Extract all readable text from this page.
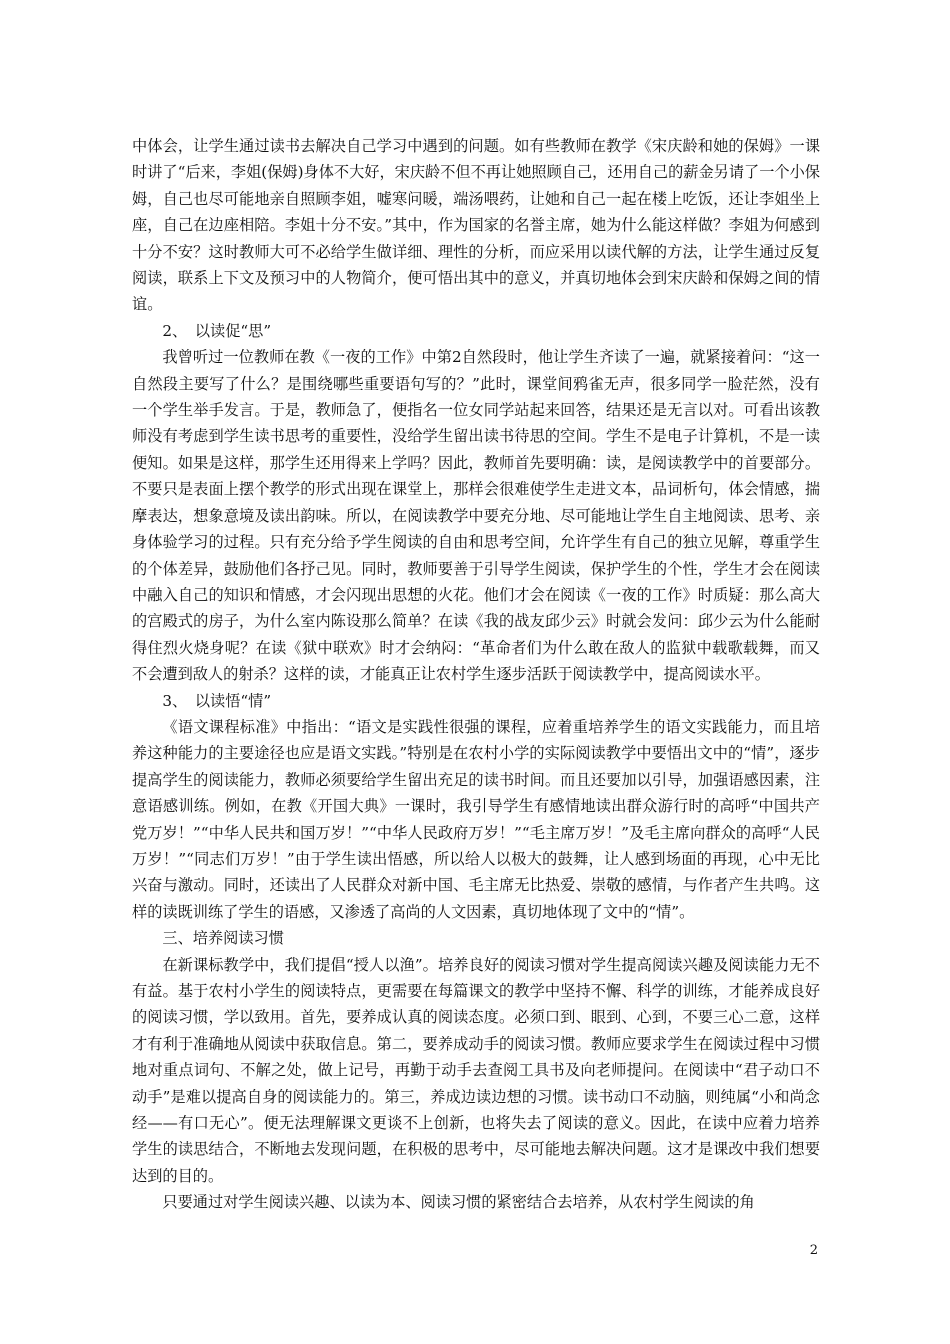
中体会，让学生通过读书去解决自己学习中遇到的问题。如有些教师在教学《宋庆龄和她的保姆》一课时讲了“后来，李姐(保姆)身体不大好，宋庆龄不但不再让她照顾自己，还用自己的薪金另请了一个小保姆，自己也尽可能地亲自照顾李姐，嘘寒问暖，端汤喂药，让她和自己一起在楼上吃饭，还让李姐坐上座，自己在边座相陪。李姐十分不安。”其中，作为国家的名誉主席，她为什么能这样做？李姐为何感到十分不安？这时教师大可不必给学生做详细、理性的分析，而应采用以读代解的方法，让学生通过反复阅读，联系上下文及预习中的人物简介，便可悟出其中的意义，并真切地体会到宋庆龄和保姆之间的情谊。

2、　以读促“思”

我曾听过一位教师在教《一夜的工作》中第2自然段时，他让学生齐读了一遍，就紧接着问：“这一自然段主要写了什么？是围绕哪些重要语句写的？”此时，课堂间鸦雀无声，很多同学一脸茫然，没有一个学生举手发言。于是，教师急了，便指名一位女同学站起来回答，结果还是无言以对。可看出该教师没有考虑到学生读书思考的重要性，没给学生留出读书待思的空间。学生不是电子计算机，不是一读便知。如果是这样，那学生还用得来上学吗？因此，教师首先要明确：读，是阅读教学中的首要部分。不要只是表面上摆个教学的形式出现在课堂上，那样会很难使学生走进文本，品词析句，体会情感，揣摩表达，想象意境及读出韵味。所以，在阅读教学中要充分地、尽可能地让学生自主地阅读、思考、亲身体验学习的过程。只有充分给予学生阅读的自由和思考空间，允许学生有自己的独立见解，尊重学生的个体差异，鼓励他们各抒己见。同时，教师要善于引导学生阅读，保护学生的个性，学生才会在阅读中融入自己的知识和情感，才会闪现出思想的火花。他们才会在阅读《一夜的工作》时质疑：那么高大的宫殿式的房子，为什么室内陈设那么简单？在读《我的战友邱少云》时就会发问：邱少云为什么能耐得住烈火烧身呢？在读《狱中联欢》时才会纳闷：“革命者们为什么敢在敌人的监狱中载歌载舞，而又不会遭到敌人的射杀？这样的读，才能真正让农村学生逐步活跃于阅读教学中，提高阅读水平。

3、　以读悟“情”

《语文课程标准》中指出：“语文是实践性很强的课程，应着重培养学生的语文实践能力，而且培养这种能力的主要途径也应是语文实践。”特别是在农村小学的实际阅读教学中要悟出文中的“情”，逐步提高学生的阅读能力，教师必须要给学生留出充足的读书时间。而且还要加以引导，加强语感因素，注意语感训练。例如，在教《开国大典》一课时，我引导学生有感情地读出群众游行时的高呼“中国共产党万岁！”“中华人民共和国万岁！”“中华人民政府万岁！”“毛主席万岁！”及毛主席向群众的高呼“人民万岁！”“同志们万岁！”由于学生读出悟感，所以给人以极大的鼓舞，让人感到场面的再现，心中无比兴奋与激动。同时，还读出了人民群众对新中国、毛主席无比热爱、崇敬的感情，与作者产生共鸣。这样的读既训练了学生的语感，又渗透了高尚的人文因素，真切地体现了文中的“情”。

三、培养阅读习惯

在新课标教学中，我们提倡“授人以渔”。培养良好的阅读习惯对学生提高阅读兴趣及阅读能力无不有益。基于农村小学生的阅读特点，更需要在每篇课文的教学中坚持不懈、科学的训练，才能养成良好的阅读习惯，学以致用。首先，要养成认真的阅读态度。必须口到、眼到、心到，不要三心二意，这样才有利于准确地从阅读中获取信息。第二，要养成动手的阅读习惯。教师应要求学生在阅读过程中习惯地对重点词句、不解之处，做上记号，再勤于动手去查阅工具书及向老师提问。在阅读中“君子动口不动手”是难以提高自身的阅读能力的。第三，养成边读边想的习惯。读书动口不动脑，则纯属“小和尚念经——有口无心”。便无法理解课文更谈不上创新，也将失去了阅读的意义。因此，在读中应着力培养学生的读思结合，不断地去发现问题，在积极的思考中，尽可能地去解决问题。这才是课改中我们想要达到的目的。

只要通过对学生阅读兴趣、以读为本、阅读习惯的紧密结合去培养，从农村学生阅读的角

2
